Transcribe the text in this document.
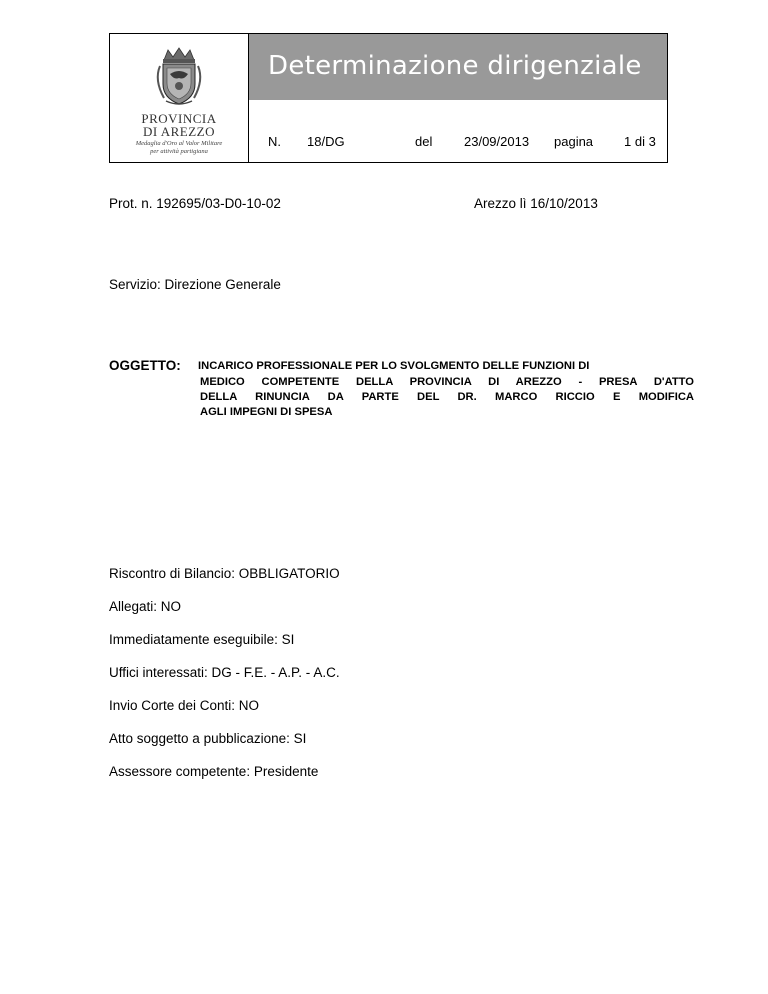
PROVINCIA
DI AREZZO
Medaglia d'Oro al Valor Militare
per attività partigiana
Determinazione dirigenziale
N. 18/DG	del 23/09/2013 pagina 1 di 3
Prot. n. 192695/03-D0-10-02	Arezzo lì 16/10/2013
Servizio: Direzione Generale
OGGETTO: INCARICO PROFESSIONALE PER LO SVOLGMENTO DELLE FUNZIONI DI
MEDICO COMPETENTE DELLA PROVINCIA DI AREZZO - PRESA D'ATTO
DELLA RINUNCIA DA PARTE DEL DR. MARCO RICCIO E MODIFICA
AGLI IMPEGNI DI SPESA
Riscontro di Bilancio: OBBLIGATORIO
Allegati: NO
Immediatamente eseguibile: SI
Uffici interessati: DG - F.E. - A.P. - A.C.
Invio Corte dei Conti: NO
Atto soggetto a pubblicazione: SI
Assessore competente: Presidente
